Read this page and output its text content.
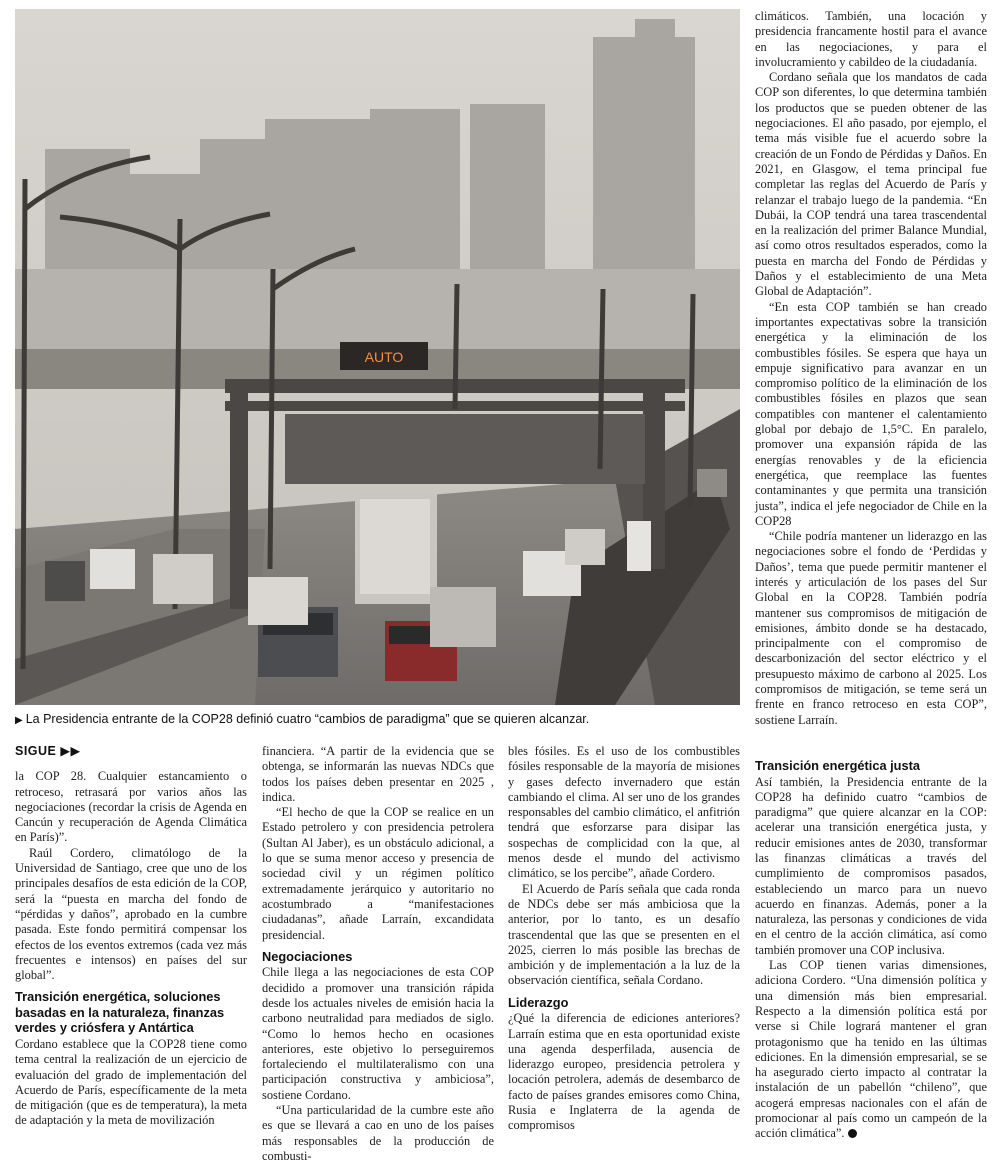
AUTO
▶ La Presidencia entrante de la COP28 definió cuatro “cambios de paradigma” que se quieren alcanzar.

climáticos. También, una locación y presidencia francamente hostil para el avance en las negociaciones, y para el involucramiento y cabildeo de la ciudadanía.

Cordano señala que los mandatos de cada COP son diferentes, lo que determina también los productos que se pueden obtener de las negociaciones. El año pasado, por ejemplo, el tema más visible fue el acuerdo sobre la creación de un Fondo de Pérdidas y Daños. En 2021, en Glasgow, el tema principal fue completar las reglas del Acuerdo de París y relanzar el trabajo luego de la pandemia. “En Dubái, la COP tendrá una tarea trascendental en la realización del primer Balance Mundial, así como otros resultados esperados, como la puesta en marcha del Fondo de Pérdidas y Daños y el establecimiento de una Meta Global de Adaptación”.

“En esta COP también se han creado importantes expectativas sobre la transición energética y la eliminación de los combustibles fósiles. Se espera que haya un empuje significativo para avanzar en un compromiso político de la eliminación de los combustibles fósiles en plazos que sean compatibles con mantener el calentamiento global por debajo de 1,5°C. En paralelo, promover una expansión rápida de las energías renovables y de la eficiencia energética, que reemplace las fuentes contaminantes y que permita una transición justa”, indica el jefe negociador de Chile en la COP28

“Chile podría mantener un liderazgo en las negociaciones sobre el fondo de ‘Perdidas y Daños’, tema que puede permitir mantener el interés y articulación de los pases del Sur Global en la COP28. También podría mantener sus compromisos de mitigación de emisiones, ámbito donde se ha destacado, principalmente con el compromiso de descarbonización del sector eléctrico y el presupuesto máximo de carbono al 2025. Los compromisos de mitigación, se teme será un frente en franco retroceso en esta COP”, sostiene Larraín.

SIGUE ▶▶

la COP 28. Cualquier estancamiento o retroceso, retrasará por varios años las negociaciones (recordar la crisis de Agenda en Cancún y recuperación de Agenda Climática en París)”.

Raúl Cordero, climatólogo de la Universidad de Santiago, cree que uno de los principales desafíos de esta edición de la COP, será la “puesta en marcha del fondo de “pérdidas y daños”, aprobado en la cumbre pasada. Este fondo permitirá compensar los efectos de los eventos extremos (cada vez más frecuentes e intensos) en países del sur global”.

Transición energética, soluciones basadas en la naturaleza, finanzas verdes y criósfera y Antártica

Cordano establece que la COP28 tiene como tema central la realización de un ejercicio de evaluación del grado de implementación del Acuerdo de París, específicamente de la meta de mitigación (que es de temperatura), la meta de adaptación y la meta de movilización

financiera. “A partir de la evidencia que se obtenga, se informarán las nuevas NDCs que todos los países deben presentar en 2025 , indica.

“El hecho de que la COP se realice en un Estado petrolero y con presidencia petrolera (Sultan Al Jaber), es un obstáculo adicional, a lo que se suma menor acceso y presencia de sociedad civil y un régimen político extremadamente jerárquico y autoritario no acostumbrado a “manifestaciones ciudadanas”, añade Larraín, excandidata presidencial.

Negociaciones

Chile llega a las negociaciones de esta COP decidido a promover una transición rápida desde los actuales niveles de emisión hacia la carbono neutralidad para mediados de siglo. “Como lo hemos hecho en ocasiones anteriores, este objetivo lo perseguiremos fortaleciendo el multilateralismo con una participación constructiva y ambiciosa”, sostiene Cordano.

“Una particularidad de la cumbre este año es que se llevará a cao en uno de los países más responsables de la producción de combusti-

bles fósiles. Es el uso de los combustibles fósiles responsable de la mayoría de misiones y gases defecto invernadero que están cambiando el clima. Al ser uno de los grandes responsables del cambio climático, el anfitrión tendrá que esforzarse para disipar las sospechas de complicidad con la que, al menos desde el mundo del activismo climático, se los percibe”, añade Cordero.

El Acuerdo de París señala que cada ronda de NDCs debe ser más ambiciosa que la anterior, por lo tanto, es un desafío trascendental que las que se presenten en el 2025, cierren lo más posible las brechas de ambición y de implementación a la luz de la observación científica, señala Cordano.

Liderazgo

¿Qué la diferencia de ediciones anteriores? Larraín estima que en esta oportunidad existe una agenda desperfilada, ausencia de liderazgo europeo, presidencia petrolera y locación petrolera, además de desembarco de facto de países grandes emisores como China, Rusia e Inglaterra de la agenda de compromisos

Transición energética justa

Así también, la Presidencia entrante de la COP28 ha definido cuatro “cambios de paradigma” que quiere alcanzar en la COP: acelerar una transición energética justa, y reducir emisiones antes de 2030, transformar las finanzas climáticas a través del cumplimiento de compromisos pasados, estableciendo un marco para un nuevo acuerdo en finanzas. Además, poner a la naturaleza, las personas y condiciones de vida en el centro de la acción climática, así como también promover una COP inclusiva.

Las COP tienen varias dimensiones, adiciona Cordero. “Una dimensión política y una dimensión más bien empresarial. Respecto a la dimensión política está por verse si Chile logrará mantener el gran protagonismo que ha tenido en las últimas ediciones. En la dimensión empresarial, se se ha asegurado cierto impacto al contratar la instalación de un pabellón “chileno”, que acogerá empresas nacionales con el afán de promocionar al país como un campeón de la acción climática”.
